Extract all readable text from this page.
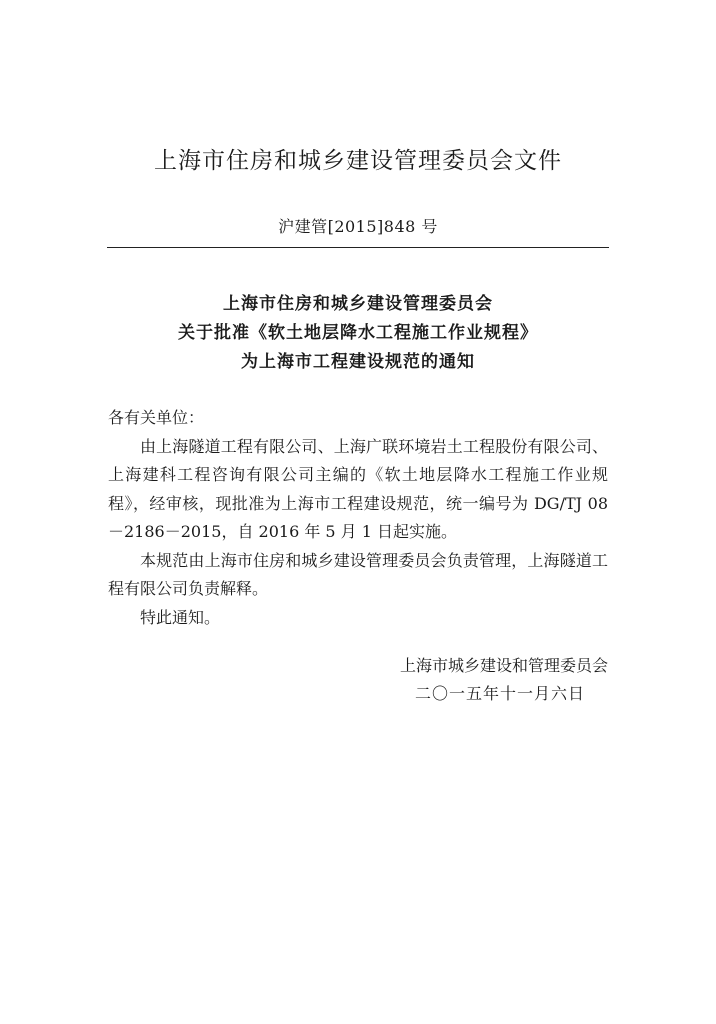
上海市住房和城乡建设管理委员会文件
沪建管[2015]848 号
上海市住房和城乡建设管理委员会
关于批准《软土地层降水工程施工作业规程》
为上海市工程建设规范的通知

各有关单位：

由上海隧道工程有限公司、上海广联环境岩土工程股份有限公司、上海建科工程咨询有限公司主编的《软土地层降水工程施工作业规程》，经审核，现批准为上海市工程建设规范，统一编号为 DG/TJ 08－2186－2015，自 2016 年 5 月 1 日起实施。

本规范由上海市住房和城乡建设管理委员会负责管理，上海隧道工程有限公司负责解释。

特此通知。

上海市城乡建设和管理委员会
二〇一五年十一月六日
